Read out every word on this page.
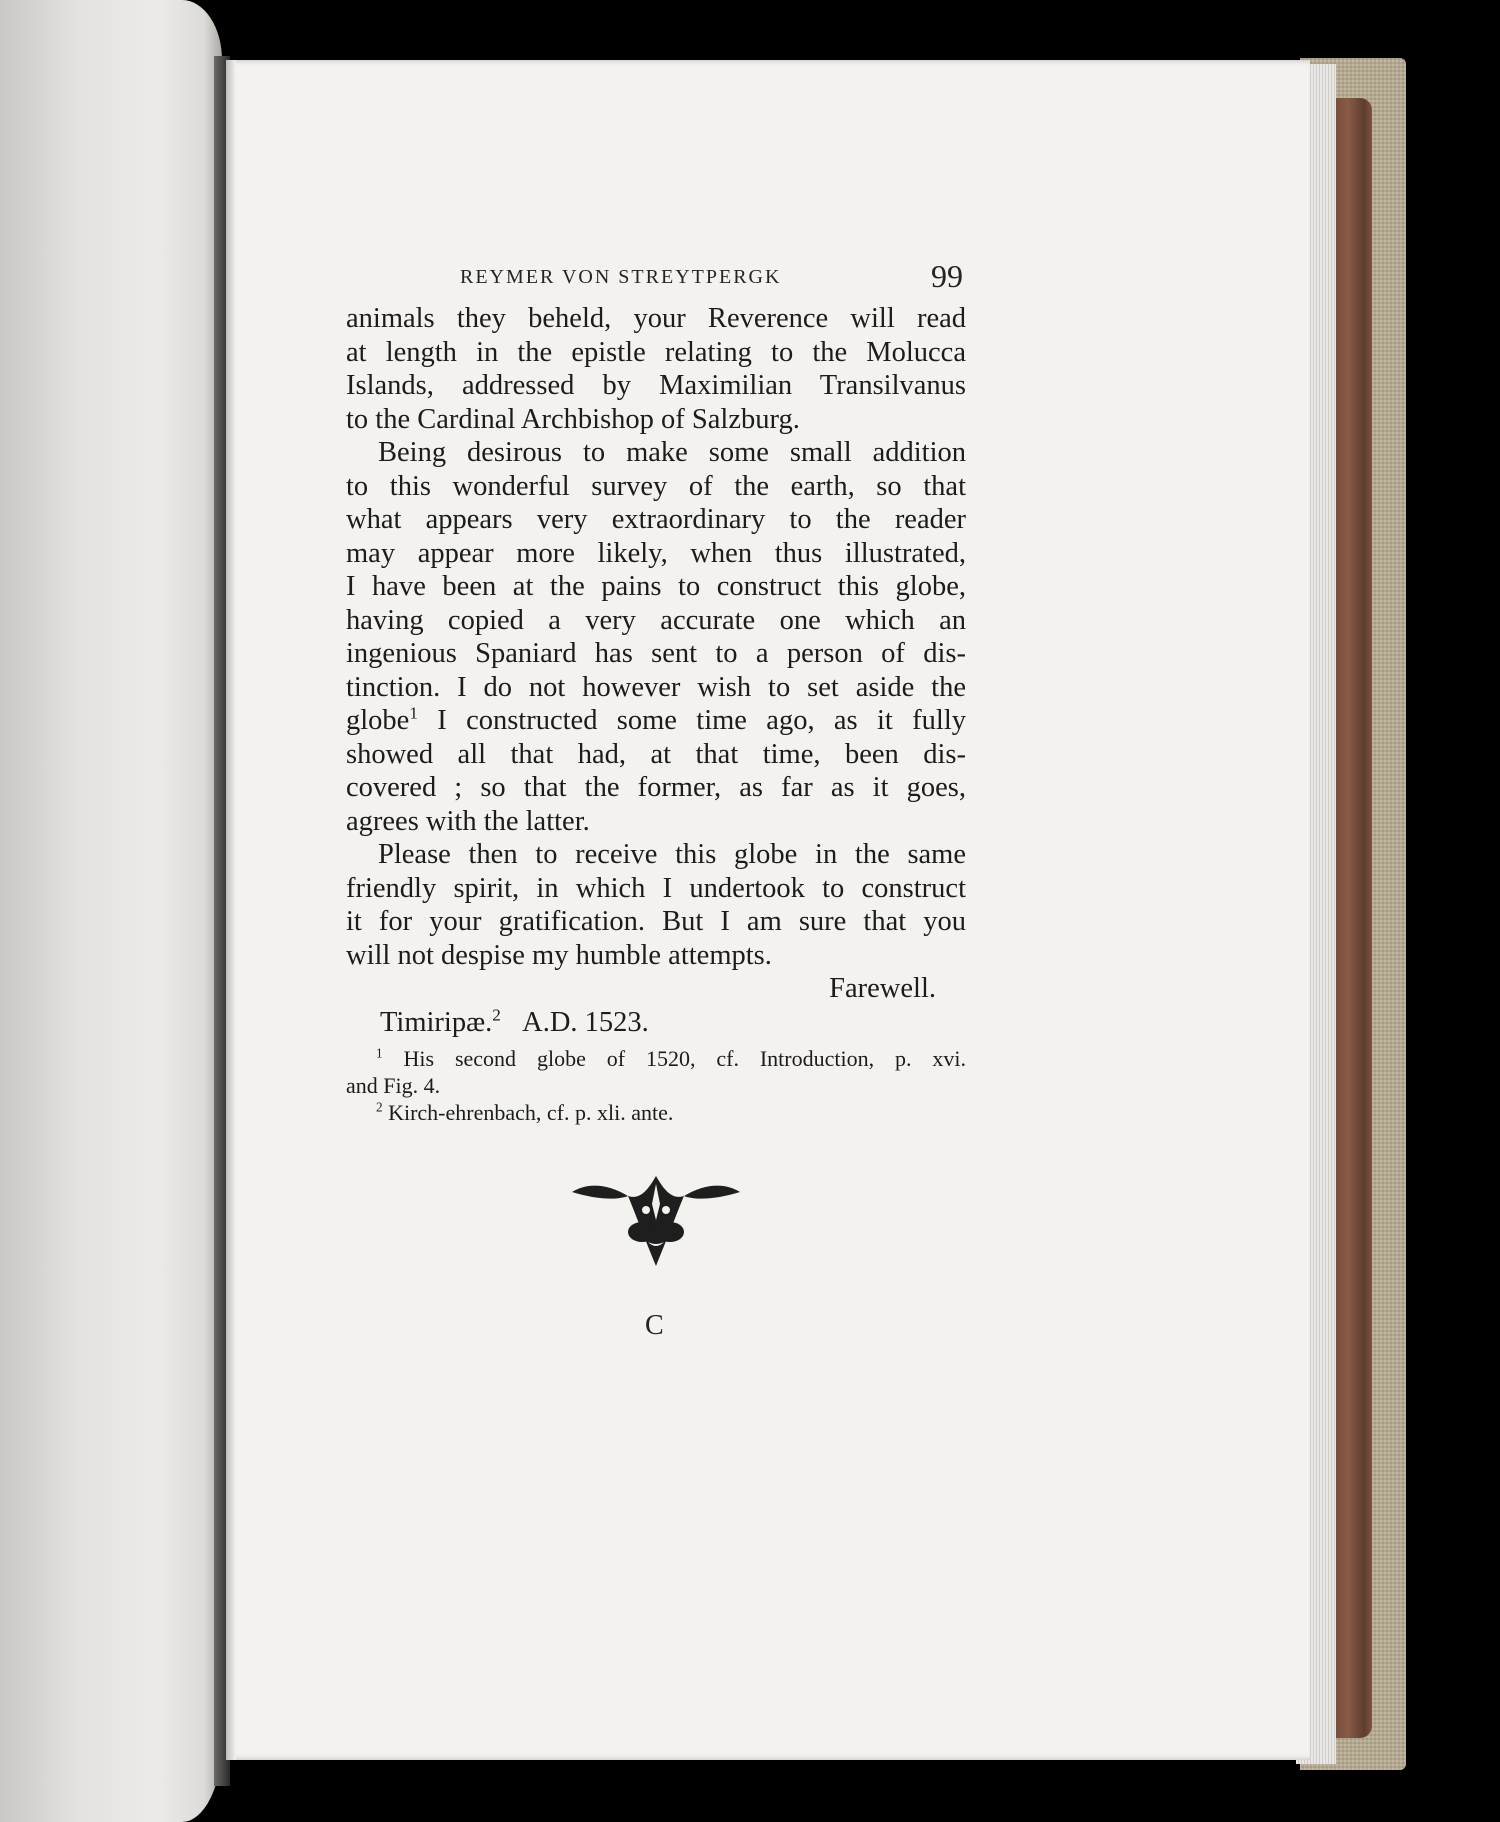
REYMER VON STREYTPERGK	99
animals they beheld, your Reverence will read
at length in the epistle relating to the Molucca
Islands, addressed by Maximilian Transilvanus
to the Cardinal Archbishop of Salzburg.
Being desirous to make some small addition
to this wonderful survey of the earth, so that
what appears very extraordinary to the reader
may appear more likely, when thus illustrated,
I have been at the pains to construct this globe,
having copied a very accurate one which an
ingenious Spaniard has sent to a person of dis-
tinction. I do not however wish to set aside the
globe$^1$ I constructed some time ago, as it fully
showed all that had, at that time, been dis-
covered ; so that the former, as far as it goes,
agrees with the latter.
Please then to receive this globe in the same
friendly spirit, in which I undertook to construct
it for your gratification. But I am sure that you
will not despise my humble attempts.
Farewell.
Timiripæ.$^2$ A.D. 1523.
$^1$ His second globe of 1520, cf. Introduction, p. xvi.
and Fig. 4.
$^2$ Kirch-ehrenbach, cf. p. xli. ante.
C
